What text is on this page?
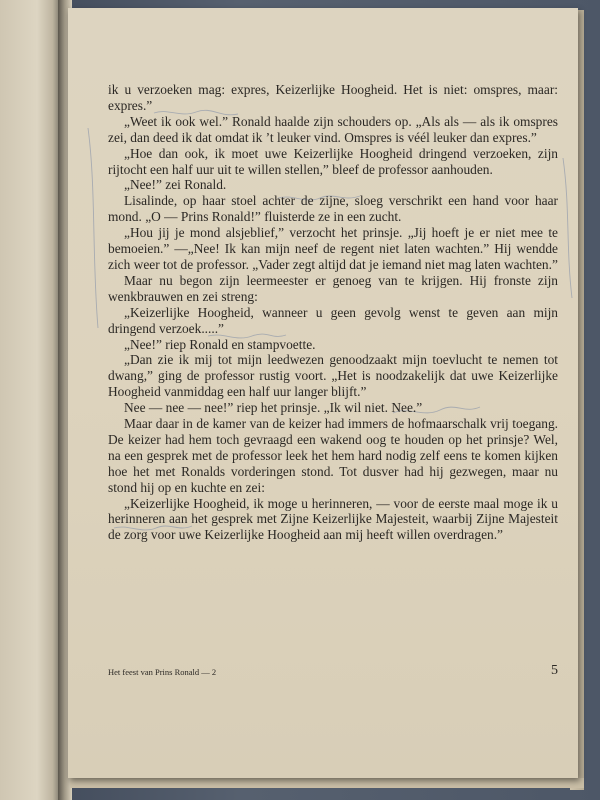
ik u verzoeken mag: expres, Keizerlijke Hoogheid. Het is niet: omspres, maar: expres.”

„Weet ik ook wel.” Ronald haalde zijn schouders op. „Als als — als ik omspres zei, dan deed ik dat omdat ik ’t leuker vind. Omspres is véél leuker dan expres.”

„Hoe dan ook, ik moet uwe Keizerlijke Hoogheid dringend verzoeken, zijn rijtocht een half uur uit te willen stellen,” bleef de professor aanhouden.

„Nee!” zei Ronald.

Lisalinde, op haar stoel achter de zijne, sloeg verschrikt een hand voor haar mond. „O — Prins Ronald!” fluisterde ze in een zucht.

„Hou jij je mond alsjeblief,” verzocht het prinsje. „Jij hoeft je er niet mee te bemoeien.” —„Nee! Ik kan mijn neef de regent niet laten wachten.” Hij wendde zich weer tot de professor. „Vader zegt altijd dat je iemand niet mag laten wachten.”

Maar nu begon zijn leermeester er genoeg van te krijgen. Hij fronste zijn wenkbrauwen en zei streng:

„Keizerlijke Hoogheid, wanneer u geen gevolg wenst te geven aan mijn dringend verzoek.....”

„Nee!” riep Ronald en stampvoette.

„Dan zie ik mij tot mijn leedwezen genoodzaakt mijn toevlucht te nemen tot dwang,” ging de professor rustig voort. „Het is noodzakelijk dat uwe Keizerlijke Hoogheid vanmiddag een half uur langer blijft.”

Nee — nee — nee!” riep het prinsje. „Ik wil niet. Nee.”

Maar daar in de kamer van de keizer had immers de hofmaarschalk vrij toegang. De keizer had hem toch gevraagd een wakend oog te houden op het prinsje? Wel, na een gesprek met de professor leek het hem hard nodig zelf eens te komen kijken hoe het met Ronalds vorderingen stond. Tot dusver had hij gezwegen, maar nu stond hij op en kuchte en zei:

„Keizerlijke Hoogheid, ik moge u herinneren, — voor de eerste maal moge ik u herinneren aan het gesprek met Zijne Keizerlijke Majesteit, waarbij Zijne Majesteit de zorg voor uwe Keizerlijke Hoogheid aan mij heeft willen overdragen.”

Het feest van Prins Ronald — 2	5
